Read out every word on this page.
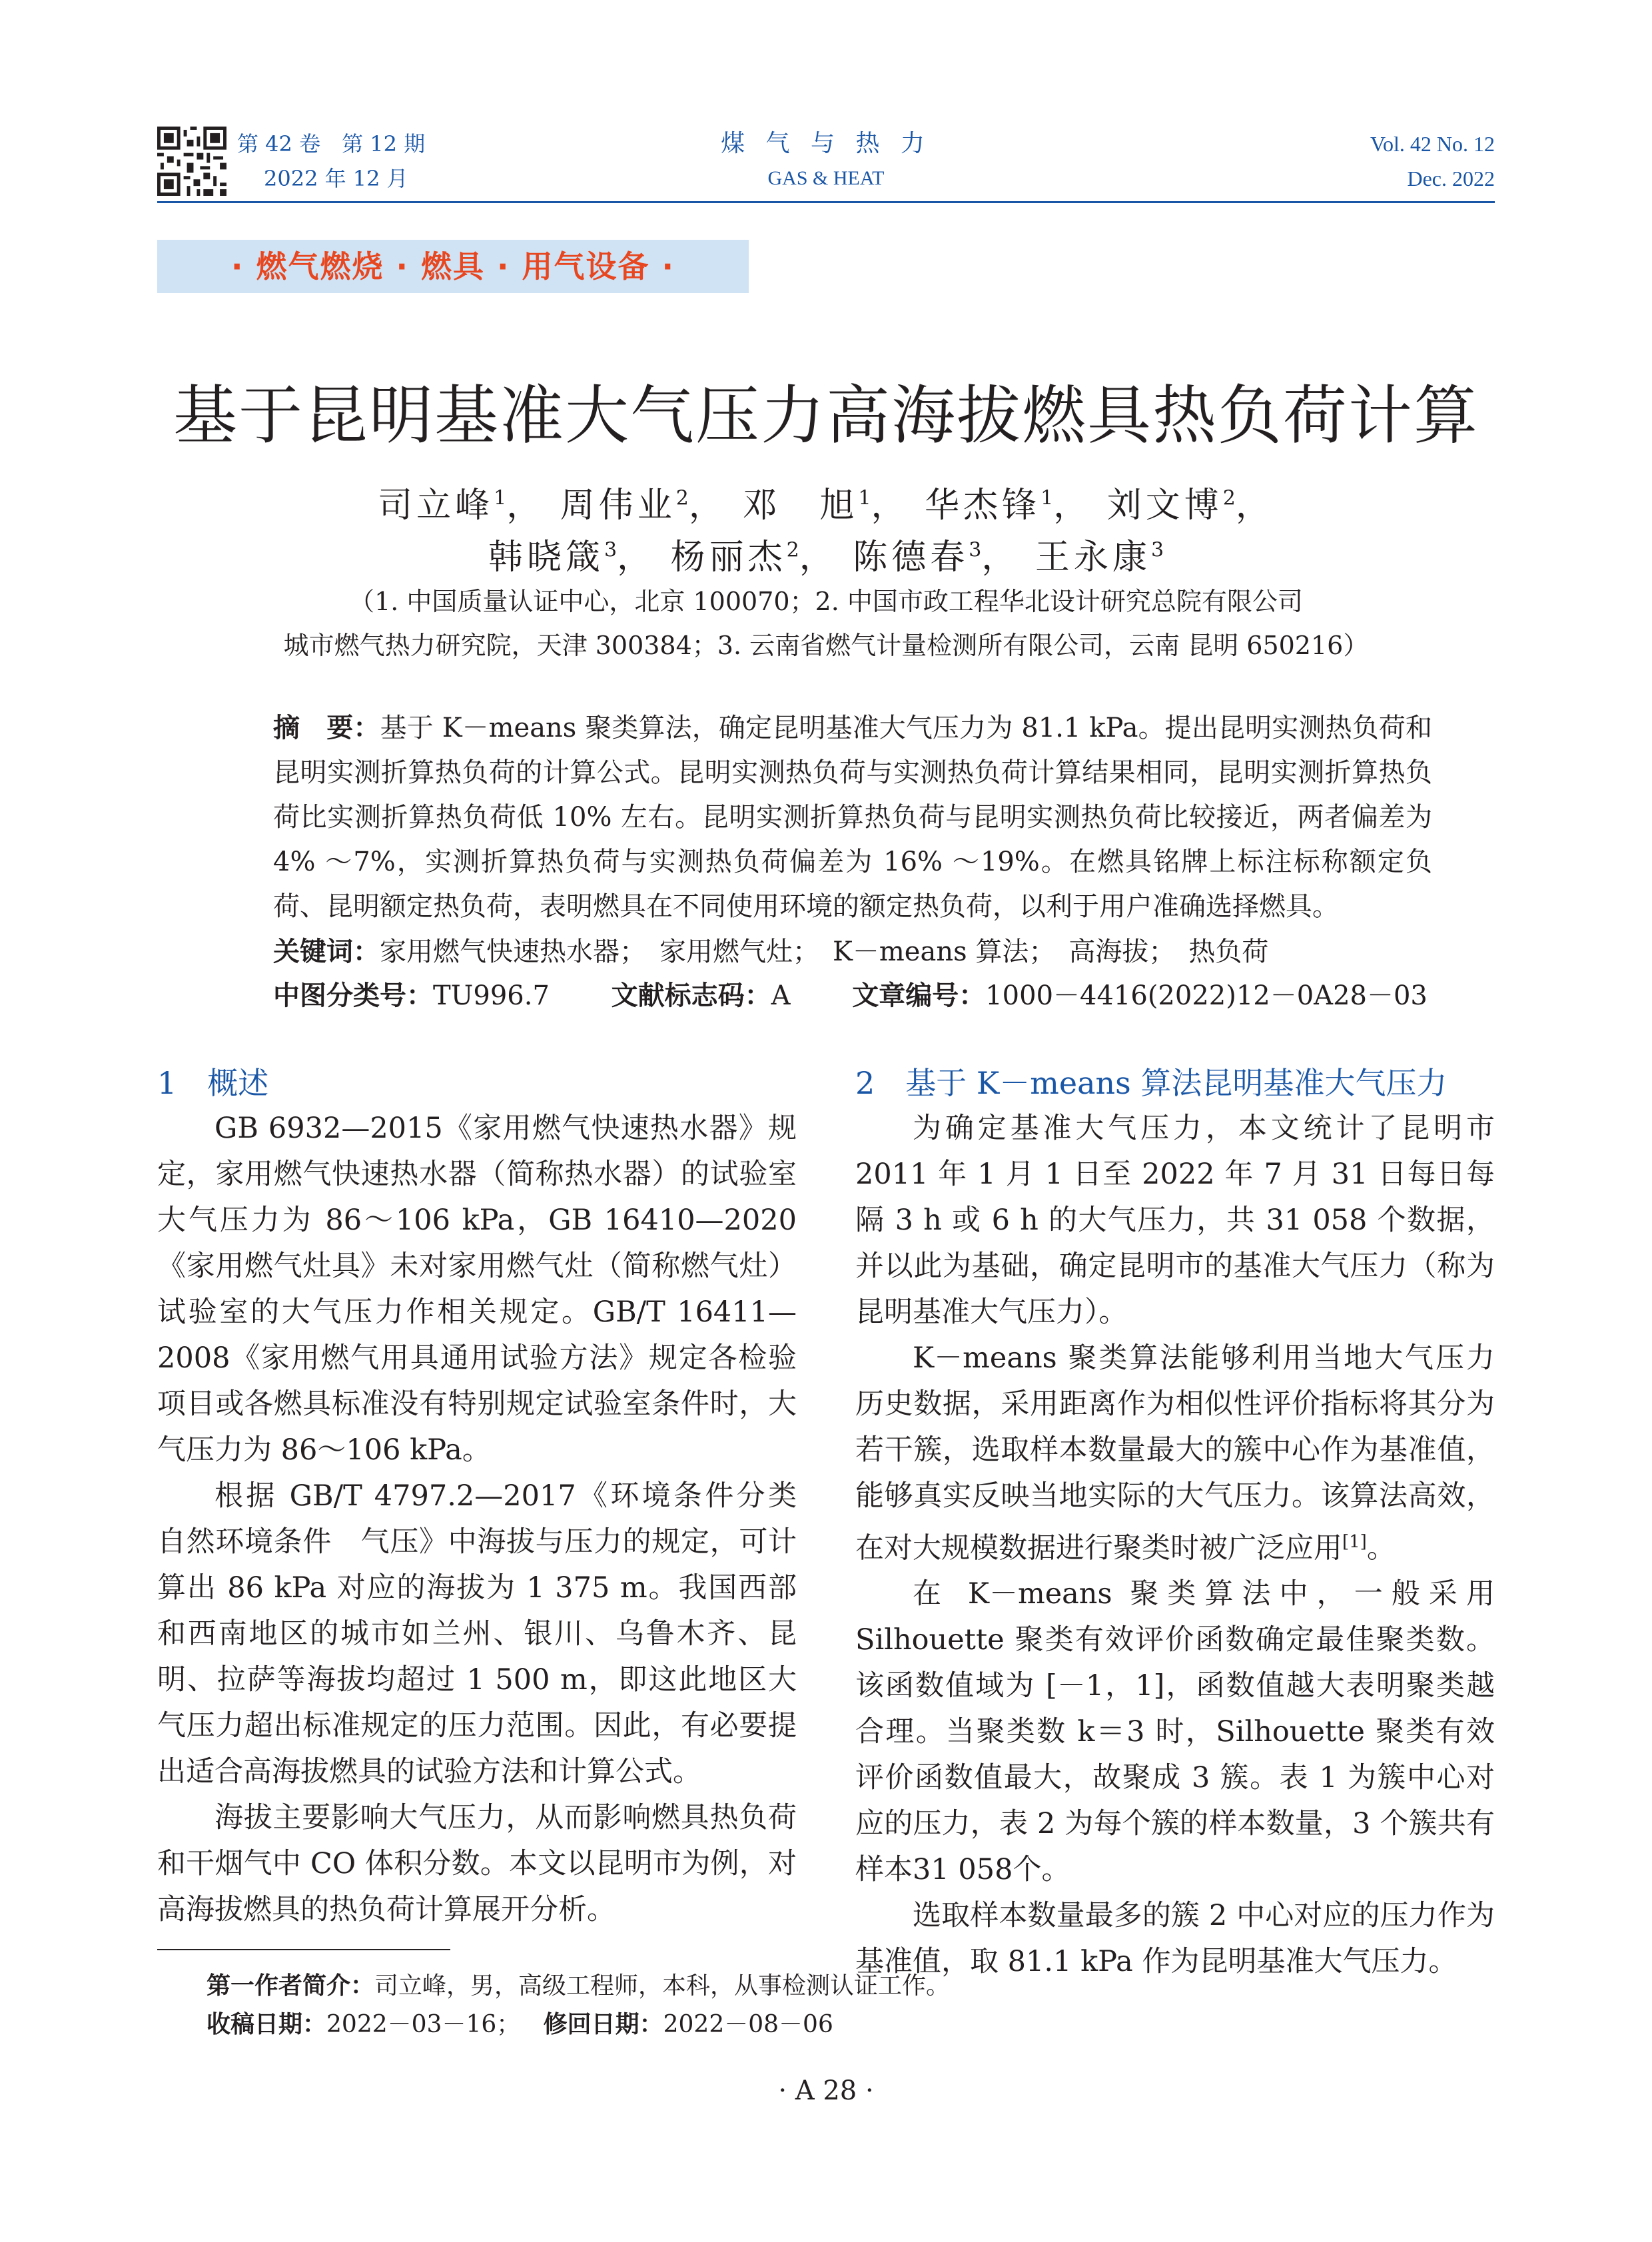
第 42 卷　第 12 期
2022 年 12 月
煤 气 与 热 力
GAS & HEAT
Vol. 42 No. 12
Dec. 2022
· 燃气燃烧 · 燃具 · 用气设备 ·
基于昆明基准大气压力高海拔燃具热负荷计算
司立峰$^1$， 周伟业$^2$， 邓　旭$^1$， 华杰锋$^1$， 刘文博$^2$，
韩晓箴$^3$， 杨丽杰$^2$， 陈德春$^3$， 王永康$^3$
（1. 中国质量认证中心，北京 100070；2. 中国市政工程华北设计研究总院有限公司
城市燃气热力研究院，天津 300384；3. 云南省燃气计量检测所有限公司，云南 昆明 650216）

摘　要：基于 K－means 聚类算法，确定昆明基准大气压力为 81.1 kPa。提出昆明实测热负荷和昆明实测折算热负荷的计算公式。昆明实测热负荷与实测热负荷计算结果相同，昆明实测折算热负荷比实测折算热负荷低 10% 左右。昆明实测折算热负荷与昆明实测热负荷比较接近，两者偏差为 4% ～7%，实测折算热负荷与实测热负荷偏差为 16% ～19%。在燃具铭牌上标注标称额定负荷、昆明额定热负荷，表明燃具在不同使用环境的额定热负荷，以利于用户准确选择燃具。

关键词：家用燃气快速热水器；　家用燃气灶；　K－means 算法；　高海拔；　热负荷
中图分类号：TU996.7 文献标志码：A 文章编号：1000－4416(2022)12－0A28－03
1　概述

GB 6932—2015《家用燃气快速热水器》规定，家用燃气快速热水器（简称热水器）的试验室大气压力为 86～106 kPa，GB 16410—2020《家用燃气灶具》未对家用燃气灶（简称燃气灶）试验室的大气压力作相关规定。GB/T 16411—2008《家用燃气用具通用试验方法》规定各检验项目或各燃具标准没有特别规定试验室条件时，大气压力为 86～106 kPa。

根据 GB/T 4797.2—2017《环境条件分类　自然环境条件　气压》中海拔与压力的规定，可计算出 86 kPa 对应的海拔为 1 375 m。我国西部和西南地区的城市如兰州、银川、乌鲁木齐、昆明、拉萨等海拔均超过 1 500 m，即这此地区大气压力超出标准规定的压力范围。因此，有必要提出适合高海拔燃具的试验方法和计算公式。

海拔主要影响大气压力，从而影响燃具热负荷和干烟气中 CO 体积分数。本文以昆明市为例，对高海拔燃具的热负荷计算展开分析。

2　基于 K－means 算法昆明基准大气压力

为确定基准大气压力，本文统计了昆明市 2011 年 1 月 1 日至 2022 年 7 月 31 日每日每隔 3 h 或 6 h 的大气压力，共 31 058 个数据，并以此为基础，确定昆明市的基准大气压力（称为昆明基准大气压力）。

K－means 聚类算法能够利用当地大气压力历史数据，采用距离作为相似性评价指标将其分为若干簇，选取样本数量最大的簇中心作为基准值，能够真实反映当地实际的大气压力。该算法高效，在对大规模数据进行聚类时被广泛应用[1]。

在 K－means 聚类算法中，一般采用 Silhouette 聚类有效评价函数确定最佳聚类数。该函数值域为 [－1，1]，函数值越大表明聚类越合理。当聚类数 k＝3 时，Silhouette 聚类有效评价函数值最大，故聚成 3 簇。表 1 为簇中心对应的压力，表 2 为每个簇的样本数量，3 个簇共有样本31 058个。

选取样本数量最多的簇 2 中心对应的压力作为基准值，取 81.1 kPa 作为昆明基准大气压力。

第一作者简介：司立峰，男，高级工程师，本科，从事检测认证工作。
收稿日期：2022－03－16； 修回日期：2022－08－06
· A 28 ·
